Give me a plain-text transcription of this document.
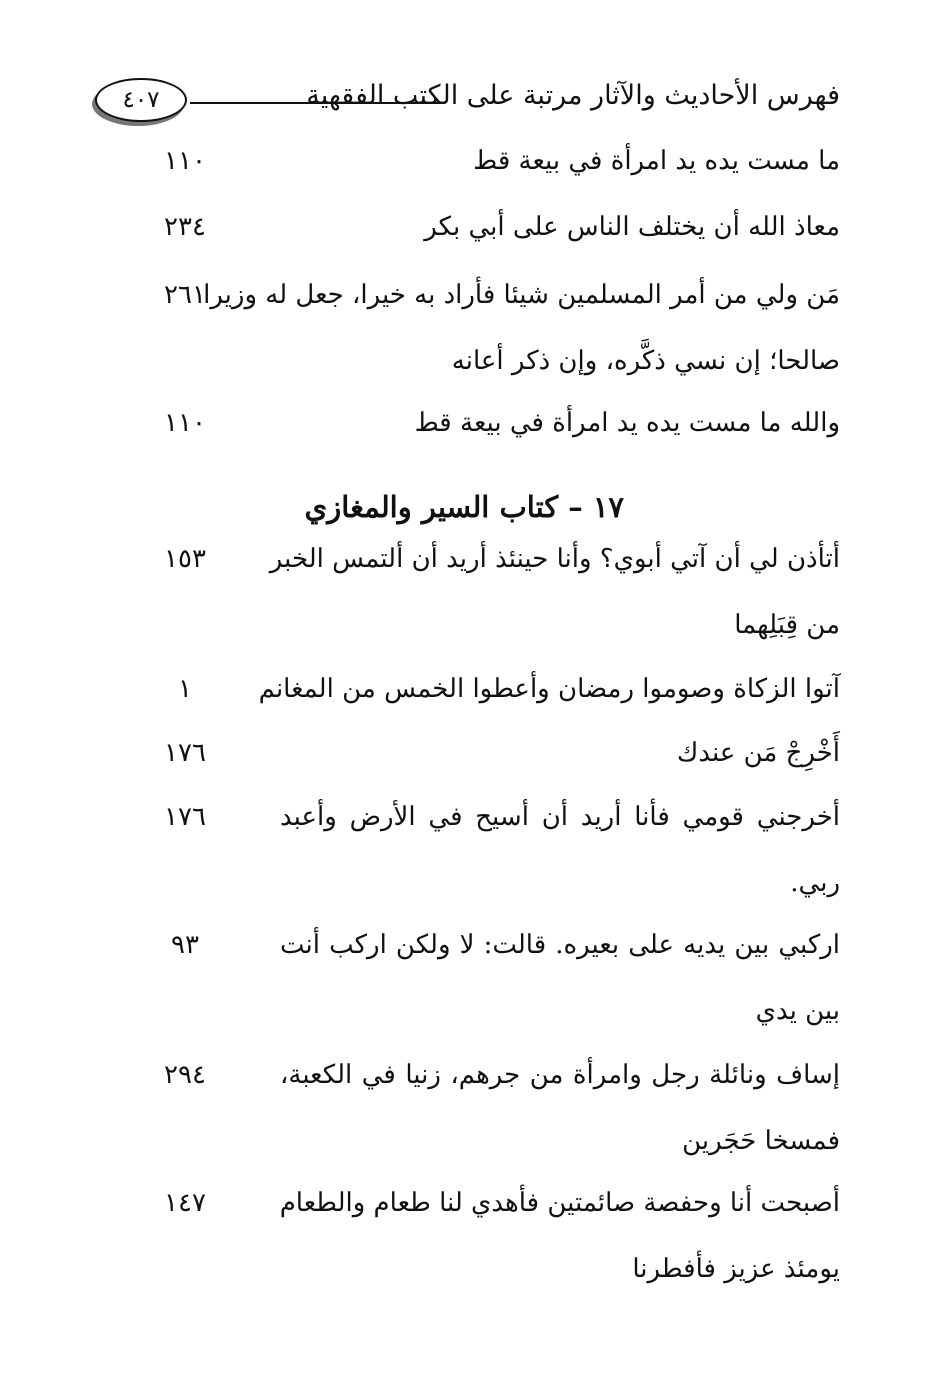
فهرس الأحاديث والآثار مرتبة على الكتب الفقهية
٤٠٧
ما مست يده يد امرأة في بيعة قط
١١٠
معاذ الله أن يختلف الناس على أبي بكر
٢٣٤
مَن ولي من أمر المسلمين شيئا فأراد به خيرا، جعل له وزيرا
صالحا؛ إن نسي ذكَّره، وإن ذكر أعانه
٢٦١
والله ما مست يده يد امرأة في بيعة قط
١١٠
١٧ – كتاب السير والمغازي
أتأذن لي أن آتي أبوي؟ وأنا حينئذ أريد أن ألتمس الخبر
من قِبَلِهما
١٥٣
آتوا الزكاة وصوموا رمضان وأعطوا الخمس من المغانم
١
أَخْرِجْ مَن عندك
١٧٦
أخرجني قومي فأنا أريد أن أسيح في الأرض وأعبد
ربي.
١٧٦
اركبي بين يديه على بعيره. قالت: لا ولكن اركب أنت
بين يدي
٩٣
إساف ونائلة رجل وامرأة من جرهم، زنيا في الكعبة،
فمسخا حَجَرين
٢٩٤
أصبحت أنا وحفصة صائمتين فأهدي لنا طعام والطعام
يومئذ عزيز فأفطرنا
١٤٧
